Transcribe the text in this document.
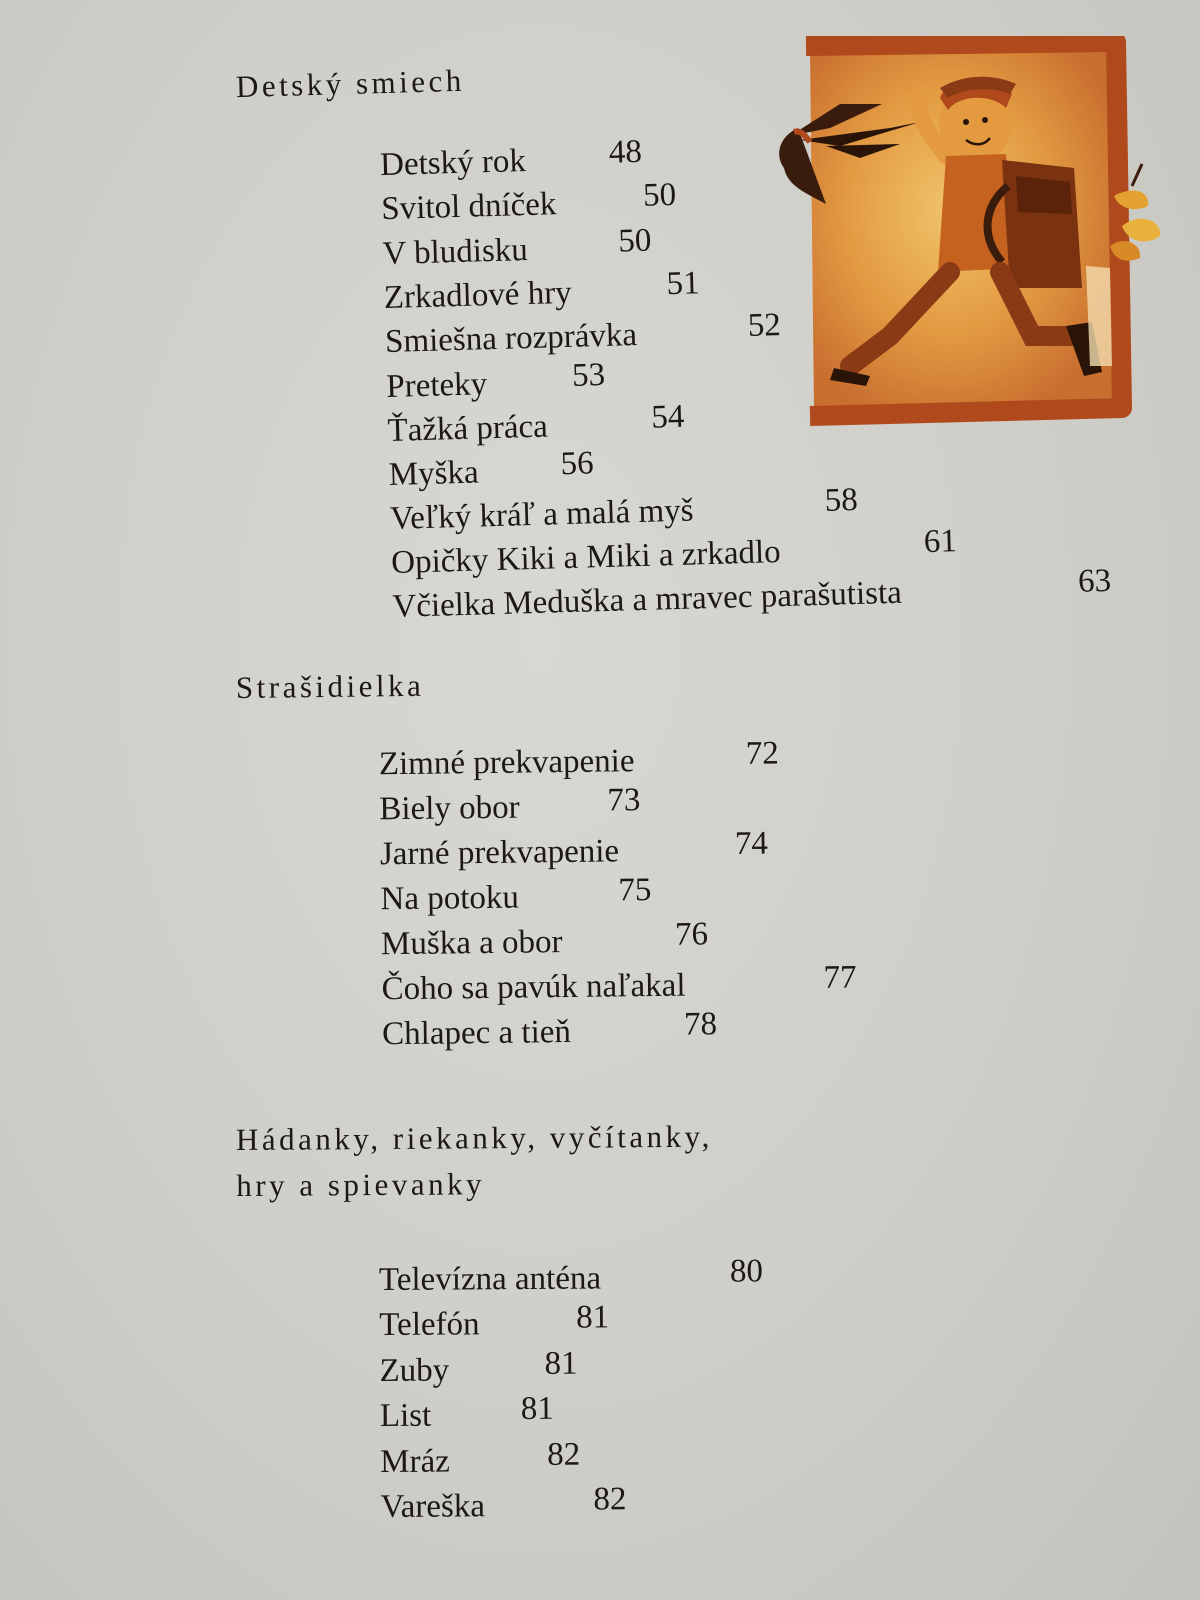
Detský smiech
Detský rok 48
Svitol dníček	50
V bludisku	50
Zrkadlové hry	51
Smiešna rozprávka	52
Preteky	53
Ťažká práca	54
Myška 56
Veľký kráľ a malá myš	58
Opičky Kiki a Miki a zrkadlo	61
Včielka Meduška a mravec parašutista	63
Strašidielka
Zimné prekvapenie	72
Biely obor	73
Jarné prekvapenie	74
Na potoku	75
Muška a obor	76
Čoho sa pavúk naľakal	77
Chlapec a tieň	78
Hádanky, riekanky, vyčítanky,
hry a spievanky
Televízna anténa	80
Telefón	81
Zuby	81
List	81
Mráz	82
Vareška	82
